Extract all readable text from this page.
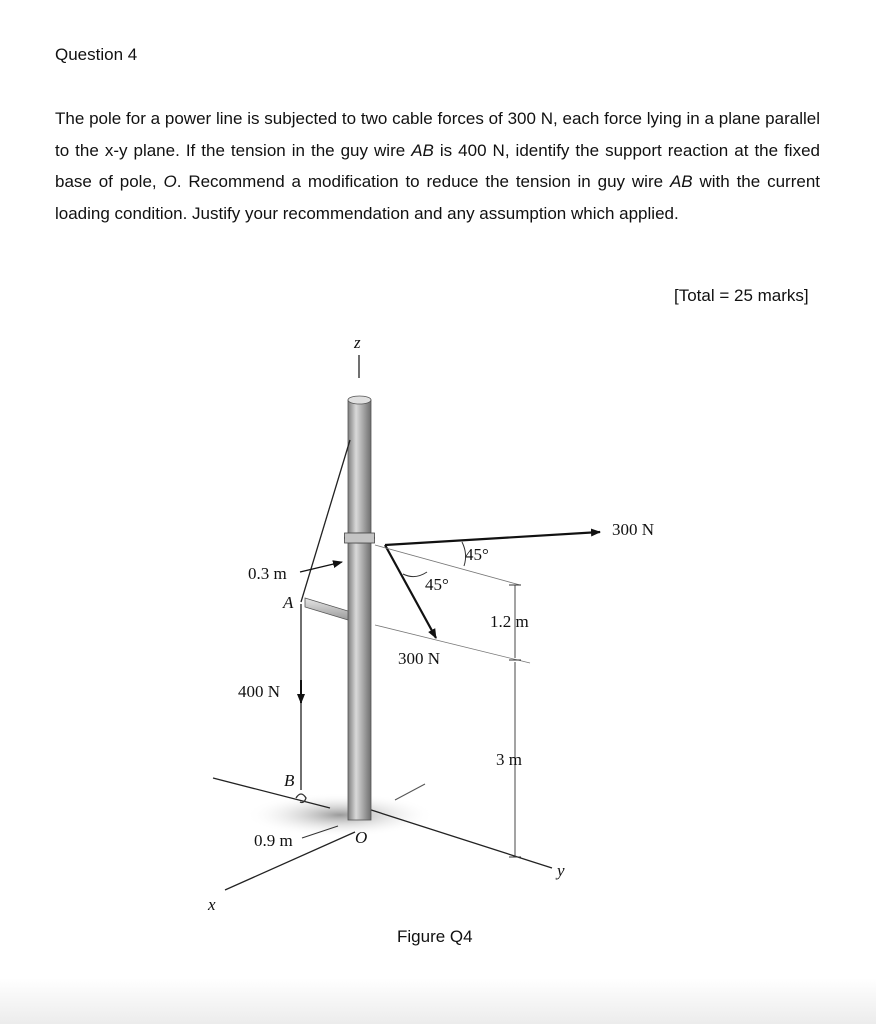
Question 4

The pole for a power line is subjected to two cable forces of 300 N, each force lying in a plane parallel to the x-y plane. If the tension in the guy wire AB is 400 N, identify the support reaction at the fixed base of pole, O. Recommend a modification to reduce the tension in guy wire AB with the current loading condition. Justify your recommendation and any assumption which applied.

[Total = 25 marks]
z
300 N
45°
45°
0.3 m
A
1.2 m
300 N
400 N
3 m
B
0.9 m	O
y
x
Figure Q4
